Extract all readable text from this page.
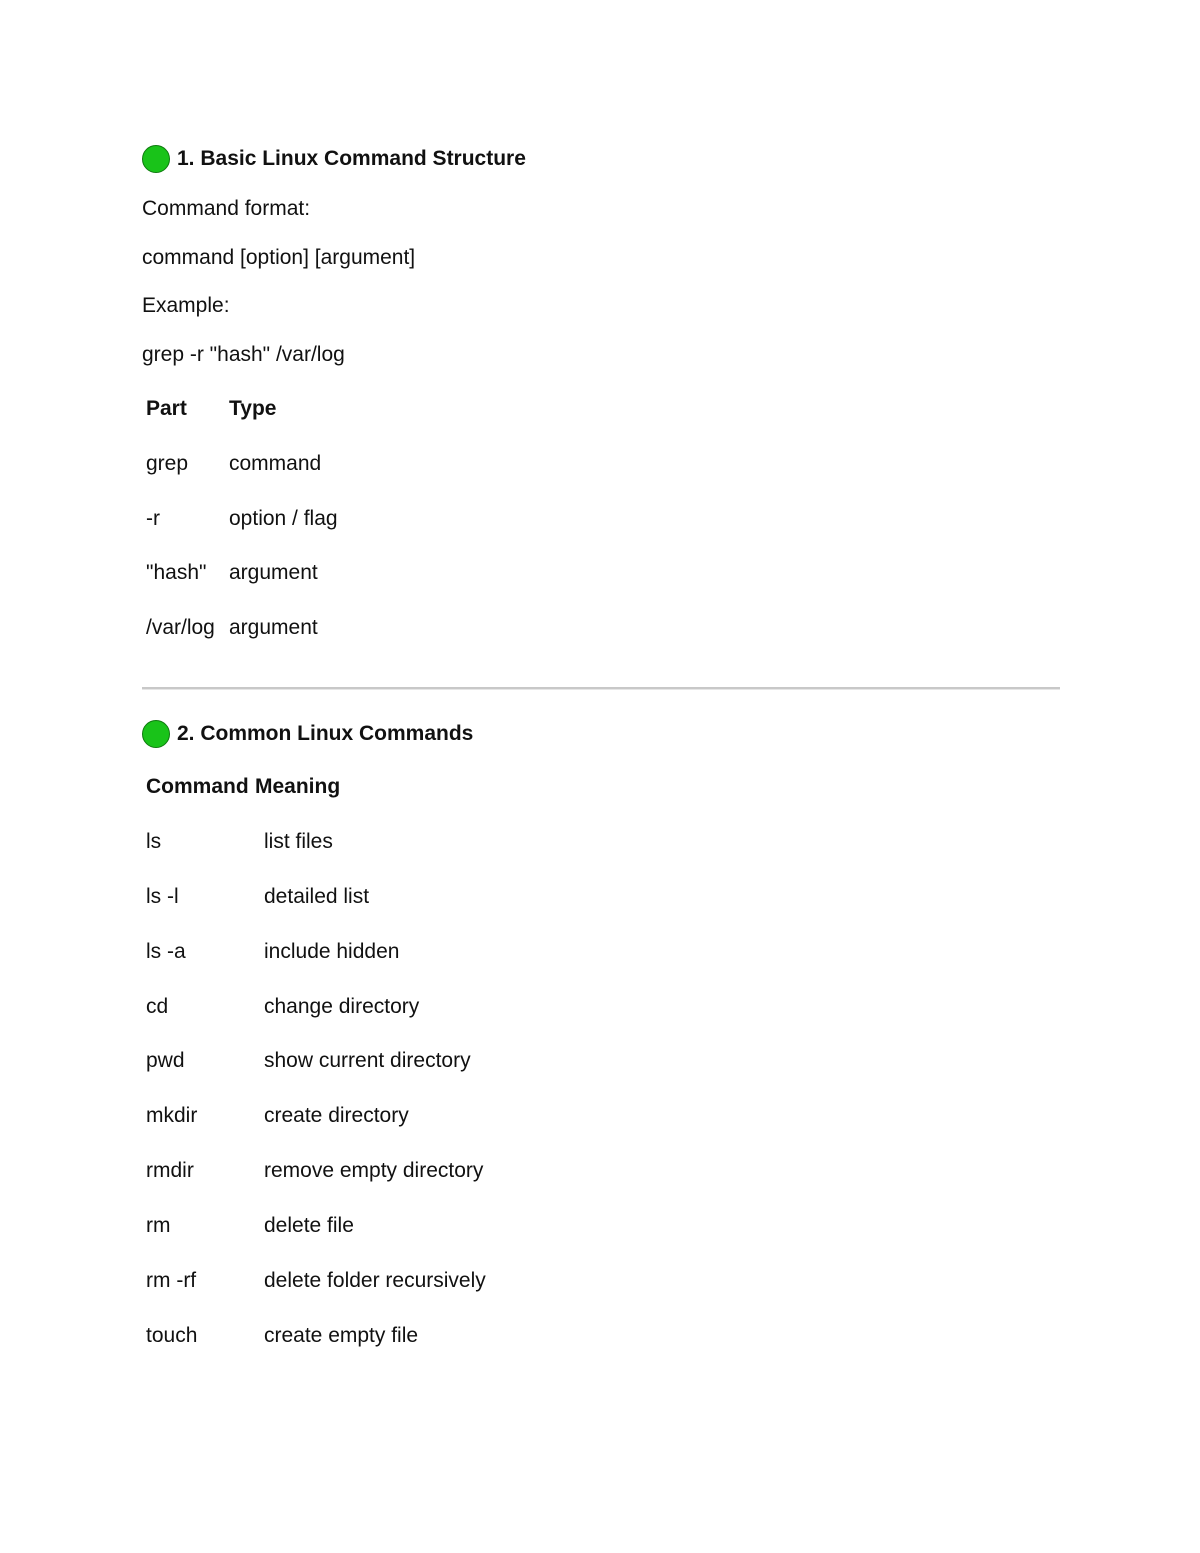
1. Basic Linux Command Structure
Command format:
command [option] [argument]
Example:
grep -r "hash" /var/log
Part Type
grep command
-r	option / flag
"hash" argument
/var/log argument
2. Common Linux Commands
Command Meaning
ls	list files
ls -l	detailed list
ls -a	include hidden
cd	change directory
pwd	show current directory
mkdir	create directory
rmdir	remove empty directory
rm	delete file
rm -rf	delete folder recursively
touch	create empty file
